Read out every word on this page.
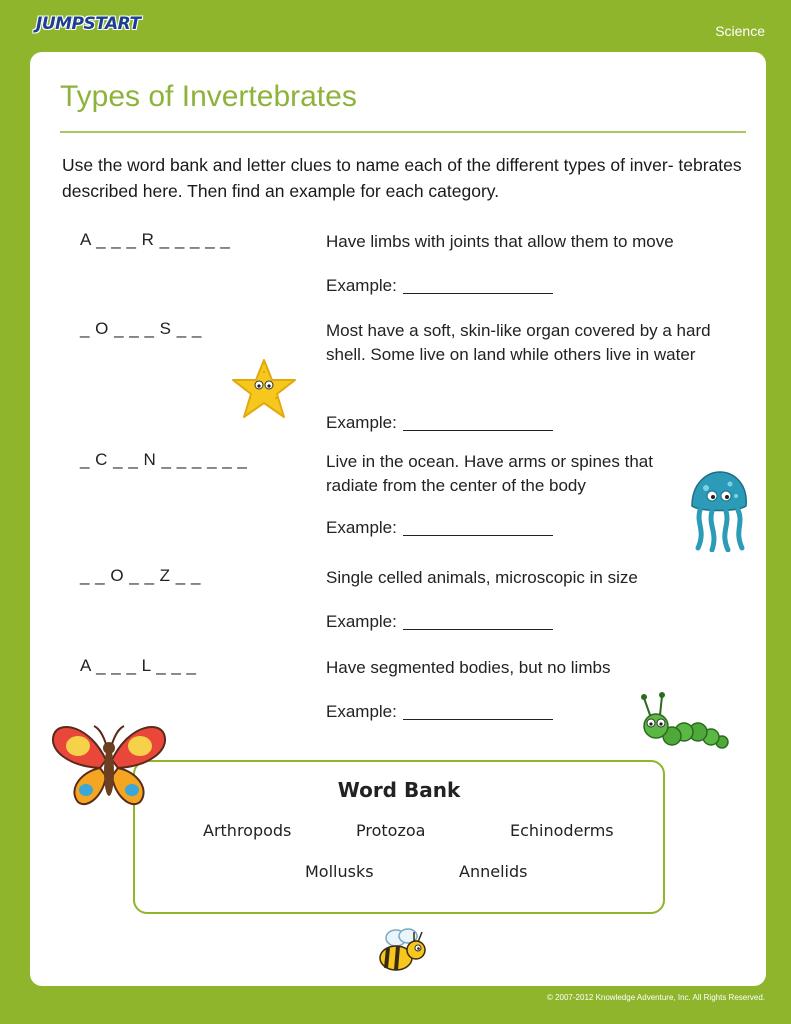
JUMPSTART	Science
Types of Invertebrates

Use the word bank and letter clues to name each of the different types of inver- tebrates described here. Then find an example for each category.

A _ _ _ R _ _ _ _ _	Have limbs with joints that allow them to move
Example:
_ O _ _ _ S _ _	Most have a soft, skin-like organ covered by a hard shell. Some live on land while others live in water
Example:
_ C _ _ N _ _ _ _ _ _	Live in the ocean. Have arms or spines that radiate from the center of the body
Example:
_ _ O _ _ Z _ _	Single celled animals, microscopic in size
Example:
A _ _ _ L _ _ _	Have segmented bodies, but no limbs
Example:
Word Bank
Arthropods	Protozoa	Echinoderms
Mollusks	Annelids
© 2007-2012 Knowledge Adventure, Inc. All Rights Reserved.
